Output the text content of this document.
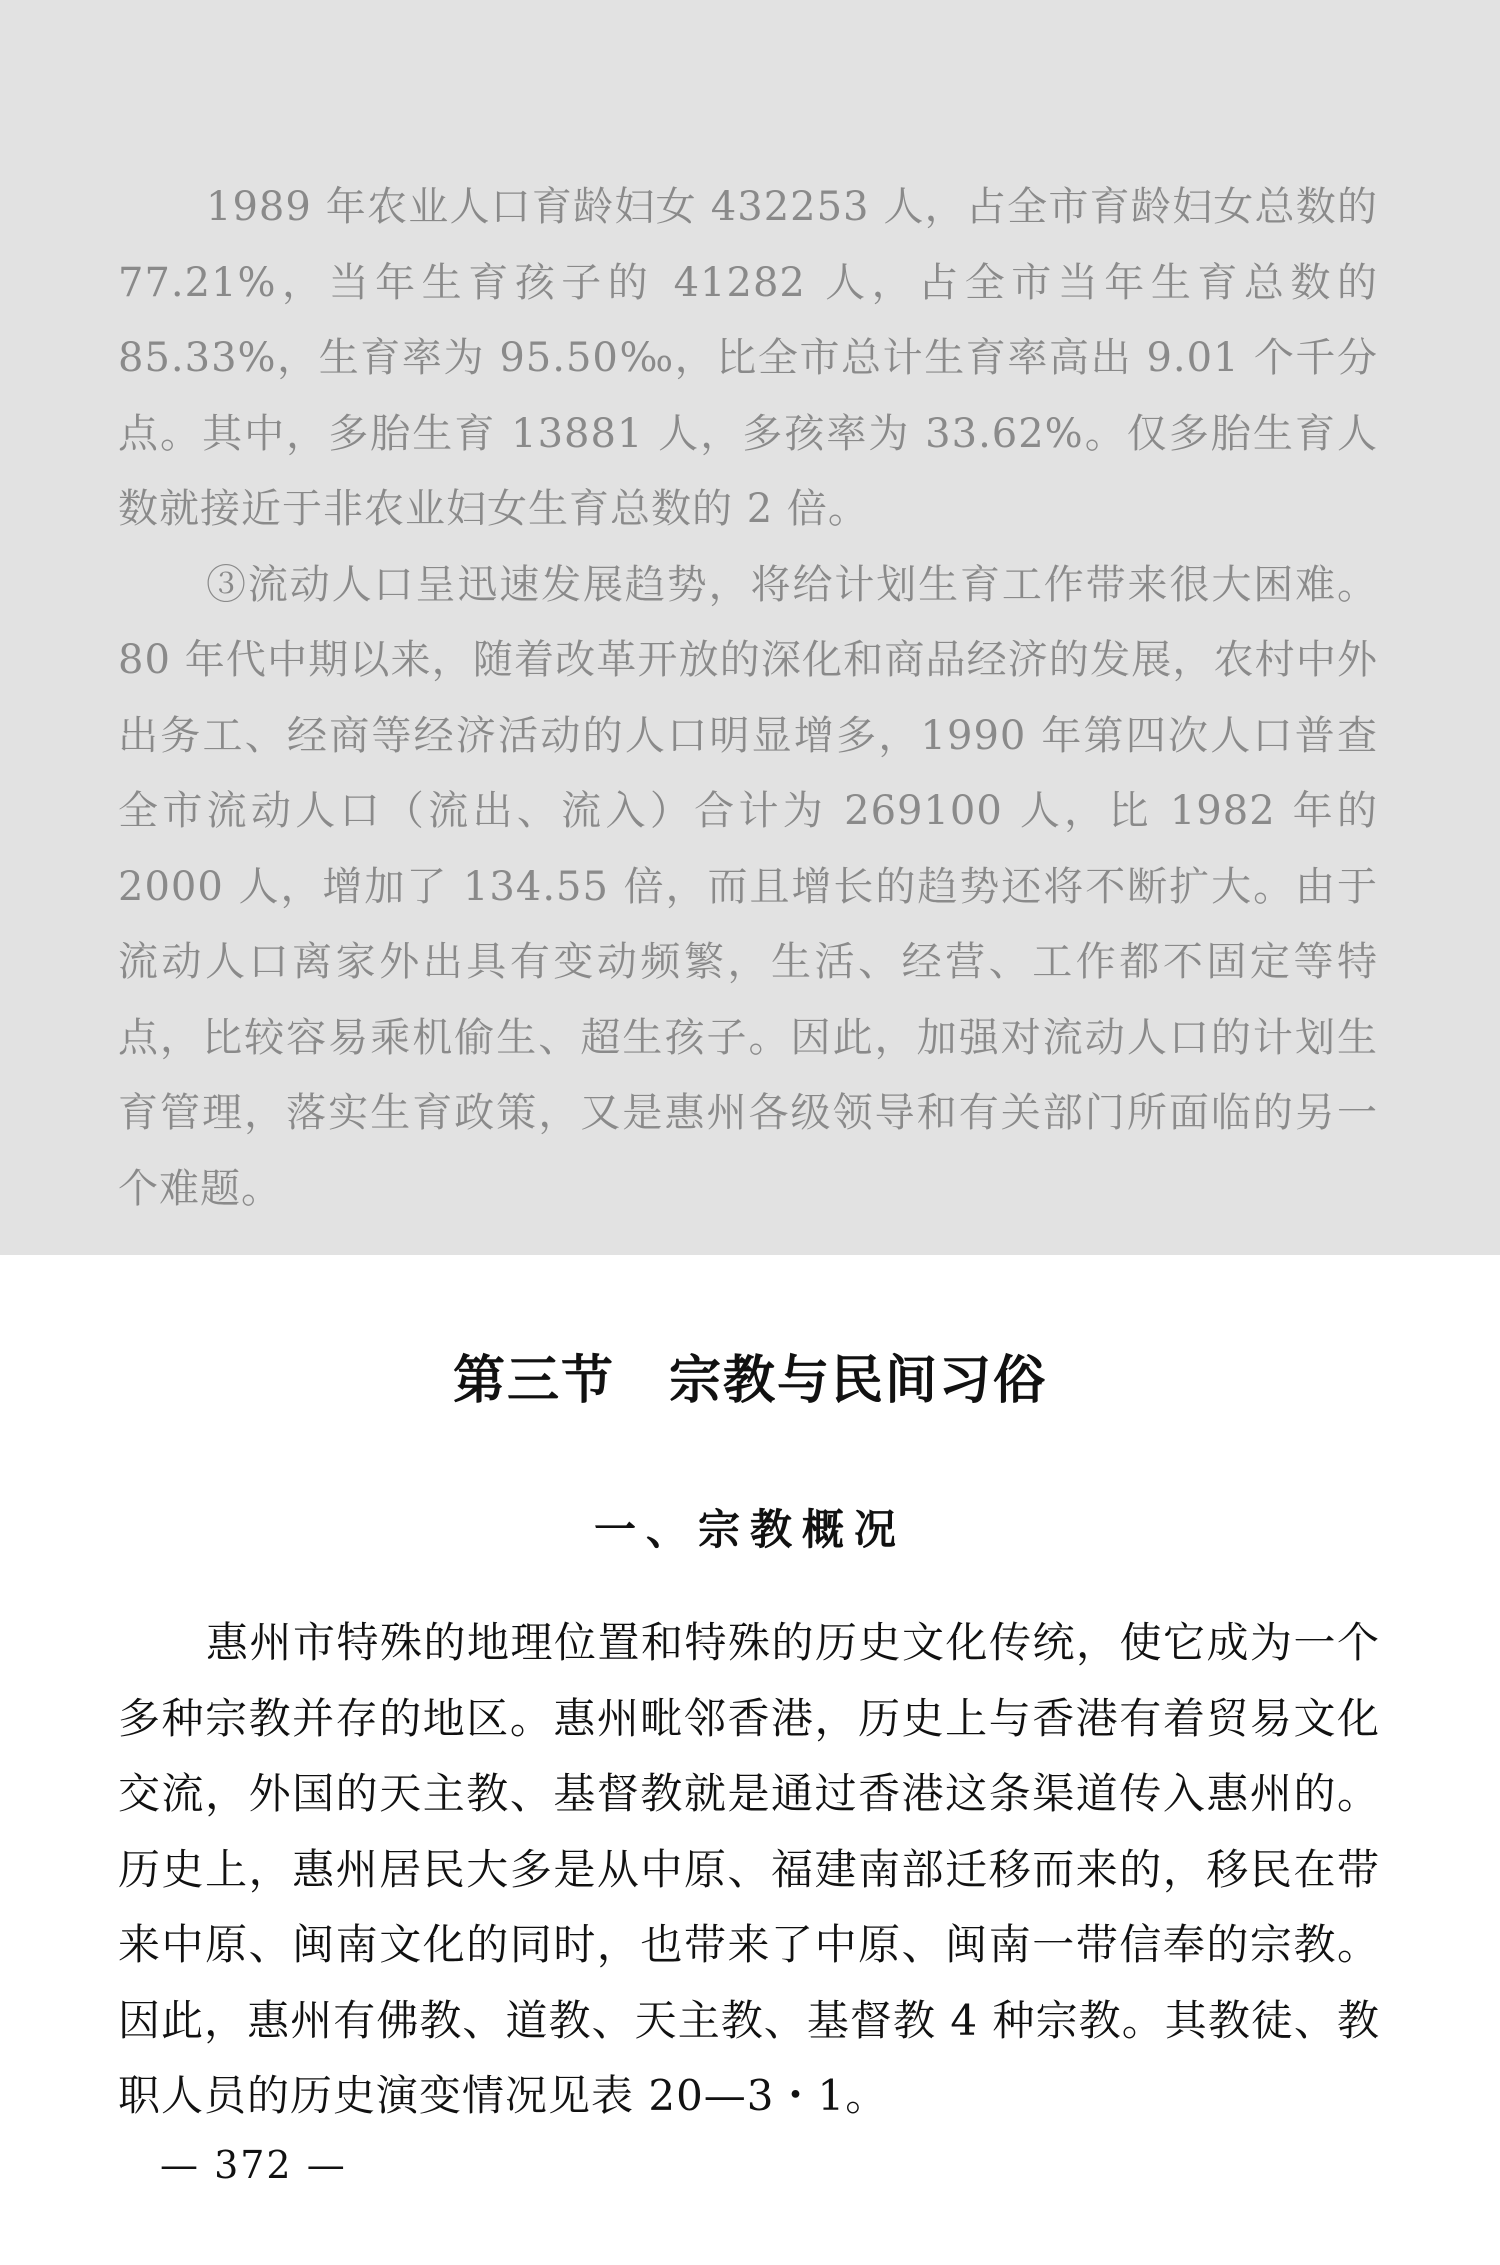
1989 年农业人口育龄妇女 432253 人，占全市育龄妇女总数的 77.21%，当年生育孩子的 41282 人，占全市当年生育总数的 85.33%，生育率为 95.50‰，比全市总计生育率高出 9.01 个千分点。其中，多胎生育 13881 人，多孩率为 33.62%。仅多胎生育人数就接近于非农业妇女生育总数的 2 倍。

③流动人口呈迅速发展趋势，将给计划生育工作带来很大困难。80 年代中期以来，随着改革开放的深化和商品经济的发展，农村中外出务工、经商等经济活动的人口明显增多，1990 年第四次人口普查全市流动人口（流出、流入）合计为 269100 人，比 1982 年的 2000 人，增加了 134.55 倍，而且增长的趋势还将不断扩大。由于流动人口离家外出具有变动频繁，生活、经营、工作都不固定等特点，比较容易乘机偷生、超生孩子。因此，加强对流动人口的计划生育管理，落实生育政策，又是惠州各级领导和有关部门所面临的另一个难题。

第三节　宗教与民间习俗
一、宗教概况

惠州市特殊的地理位置和特殊的历史文化传统，使它成为一个多种宗教并存的地区。惠州毗邻香港，历史上与香港有着贸易文化交流，外国的天主教、基督教就是通过香港这条渠道传入惠州的。历史上，惠州居民大多是从中原、福建南部迁移而来的，移民在带来中原、闽南文化的同时，也带来了中原、闽南一带信奉的宗教。因此，惠州有佛教、道教、天主教、基督教 4 种宗教。其教徒、教职人员的历史演变情况见表 20—3・1。

— 372 —
